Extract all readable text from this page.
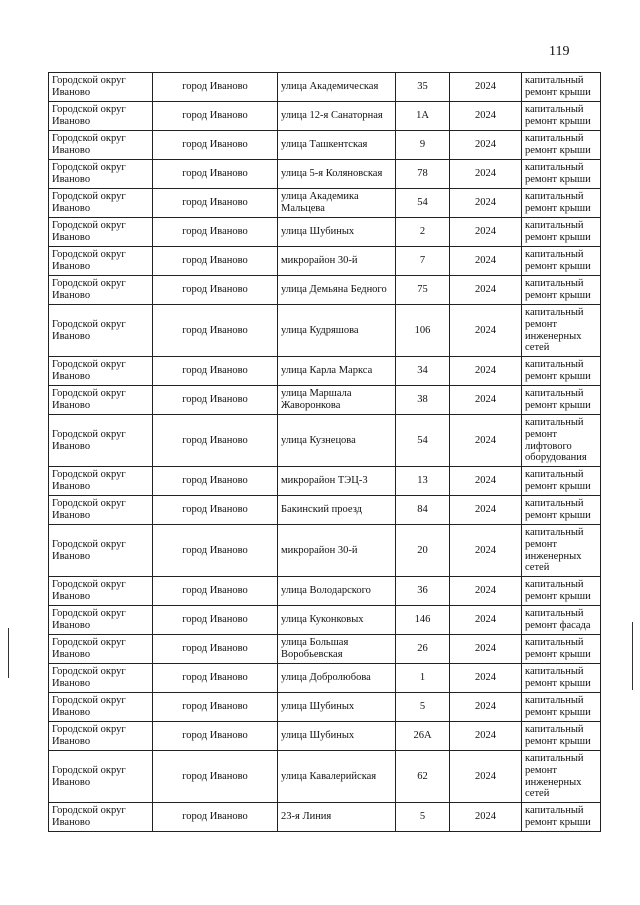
119
Городской округ Иваново	город Иваново	улица Академическая	35	2024	капитальный ремонт крыши
Городской округ Иваново	город Иваново	улица 12-я Санаторная	1А	2024	капитальный ремонт крыши
Городской округ Иваново	город Иваново	улица Ташкентская	9	2024	капитальный ремонт крыши
Городской округ Иваново	город Иваново	улица 5-я Коляновская	78	2024	капитальный ремонт крыши
Городской округ Иваново	город Иваново	улица Академика Мальцева	54	2024	капитальный ремонт крыши
Городской округ Иваново	город Иваново	улица Шубиных	2	2024	капитальный ремонт крыши
Городской округ Иваново	город Иваново	микрорайон 30-й	7	2024	капитальный ремонт крыши
Городской округ Иваново	город Иваново	улица Демьяна Бедного	75	2024	капитальный ремонт крыши
Городской округ Иваново	город Иваново	улица Кудряшова	106	2024	капитальный ремонт инженерных сетей
Городской округ Иваново	город Иваново	улица Карла Маркса	34	2024	капитальный ремонт крыши
Городской округ Иваново	город Иваново	улица Маршала Жаворонкова	38	2024	капитальный ремонт крыши
Городской округ Иваново	город Иваново	улица Кузнецова	54	2024	капитальный ремонт лифтового оборудования
Городской округ Иваново	город Иваново	микрорайон ТЭЦ-3	13	2024	капитальный ремонт крыши
Городской округ Иваново	город Иваново	Бакинский проезд	84	2024	капитальный ремонт крыши
Городской округ Иваново	город Иваново	микрорайон 30-й	20	2024	капитальный ремонт инженерных сетей
Городской округ Иваново	город Иваново	улица Володарского	36	2024	капитальный ремонт крыши
Городской округ Иваново	город Иваново	улица Куконковых	146	2024	капитальный ремонт фасада
Городской округ Иваново	город Иваново	улица Большая Воробьевская	26	2024	капитальный ремонт крыши
Городской округ Иваново	город Иваново	улица Добролюбова	1	2024	капитальный ремонт крыши
Городской округ Иваново	город Иваново	улица Шубиных	5	2024	капитальный ремонт крыши
Городской округ Иваново	город Иваново	улица Шубиных	26А	2024	капитальный ремонт крыши
Городской округ Иваново	город Иваново	улица Кавалерийская	62	2024	капитальный ремонт инженерных сетей
Городской округ Иваново	город Иваново	23-я Линия	5	2024	капитальный ремонт крыши
